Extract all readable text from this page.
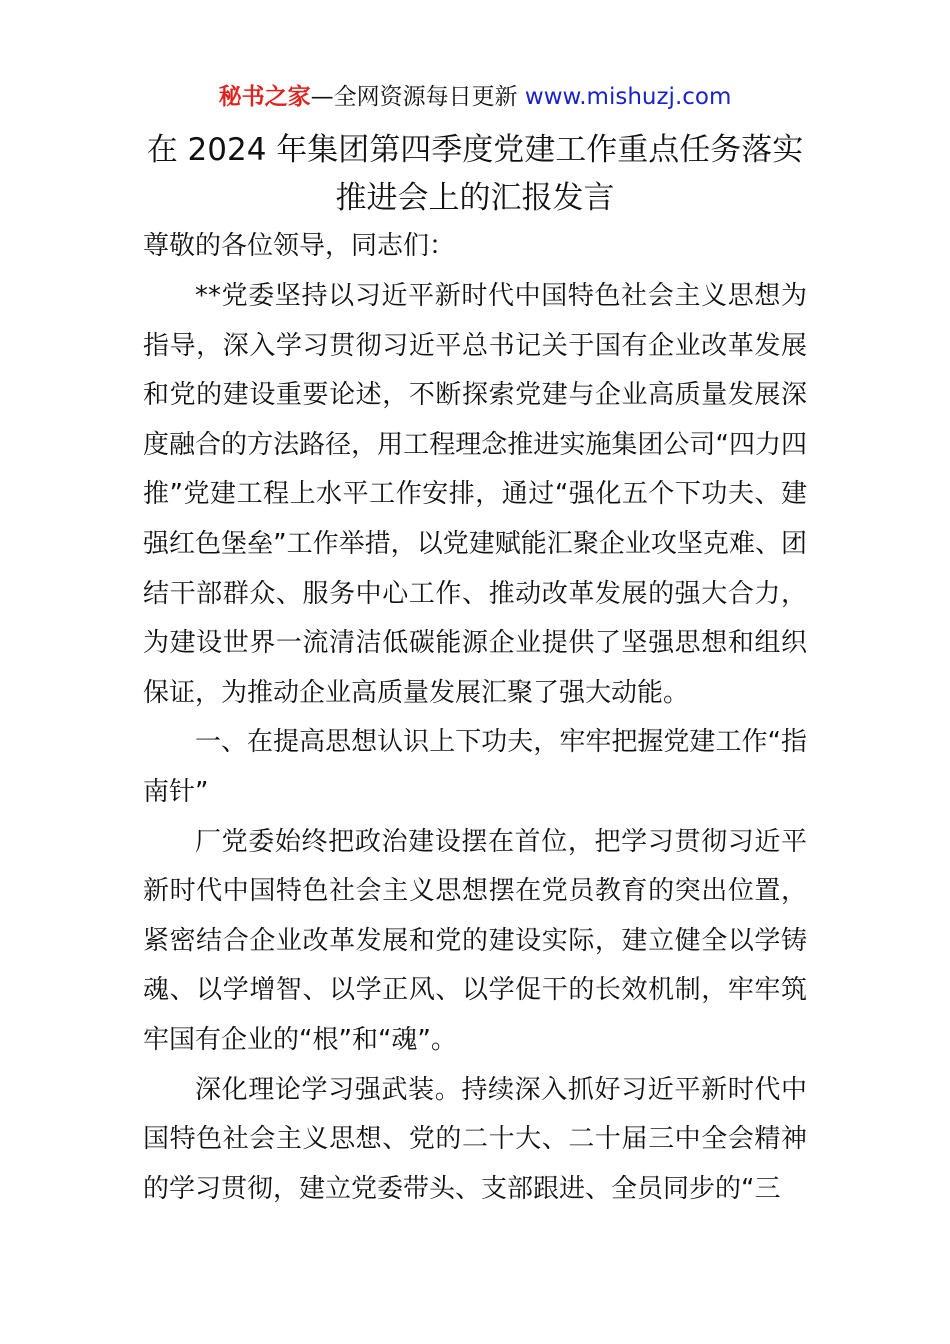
秘书之家—全网资源每日更新 www.mishuzj.com
在 2024 年集团第四季度党建工作重点任务落实
推进会上的汇报发言

尊敬的各位领导，同志们：

**党委坚持以习近平新时代中国特色社会主义思想为指导，深入学习贯彻习近平总书记关于国有企业改革发展和党的建设重要论述，不断探索党建与企业高质量发展深度融合的方法路径，用工程理念推进实施集团公司“四力四推”党建工程上水平工作安排，通过“强化五个下功夫、建强红色堡垒”工作举措，以党建赋能汇聚企业攻坚克难、团结干部群众、服务中心工作、推动改革发展的强大合力，为建设世界一流清洁低碳能源企业提供了坚强思想和组织保证，为推动企业高质量发展汇聚了强大动能。

一、在提高思想认识上下功夫，牢牢把握党建工作“指南针”

厂党委始终把政治建设摆在首位，把学习贯彻习近平新时代中国特色社会主义思想摆在党员教育的突出位置，紧密结合企业改革发展和党的建设实际，建立健全以学铸魂、以学增智、以学正风、以学促干的长效机制，牢牢筑牢国有企业的“根”和“魂”。

深化理论学习强武装。持续深入抓好习近平新时代中国特色社会主义思想、党的二十大、二十届三中全会精神的学习贯彻，建立党委带头、支部跟进、全员同步的“三
